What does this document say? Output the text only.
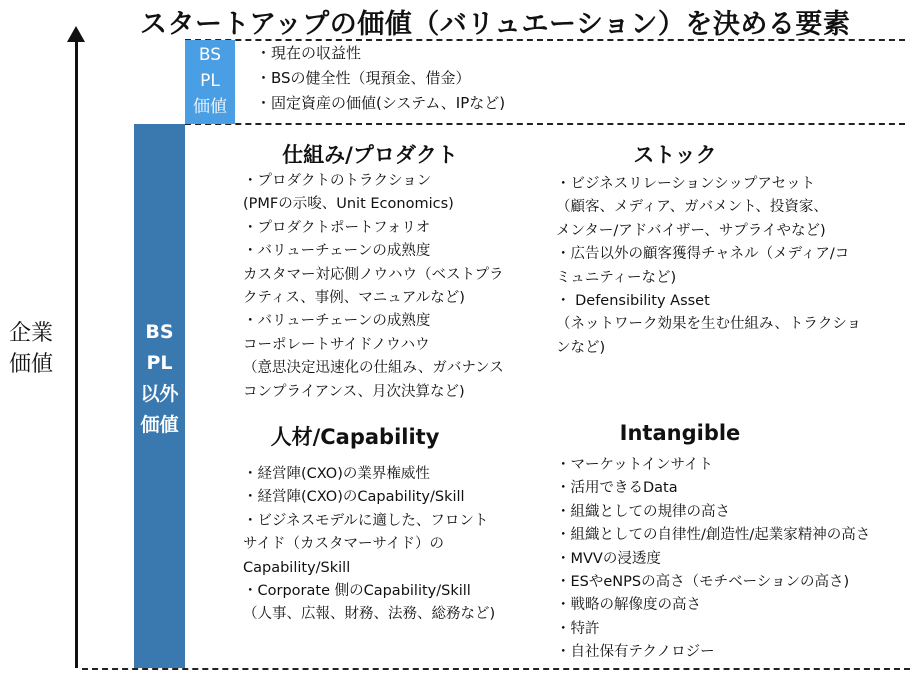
スタートアップの価値（バリュエーション）を決める要素
企業
価値
BS
PL
価値
BS
PL
以外
価値
・現在の収益性
・BSの健全性（現預金、借金）
・固定資産の価値(システム、IPなど)
仕組み/プロダクト
・プロダクトのトラクション
(PMFの示唆、Unit Economics)
・プロダクトポートフォリオ
・バリューチェーンの成熟度
カスタマー対応側ノウハウ（ベストプラ
クティス、事例、マニュアルなど)
・バリューチェーンの成熟度
コーポレートサイドノウハウ
（意思決定迅速化の仕組み、ガバナンス
コンプライアンス、月次決算など)
ストック
・ビジネスリレーションシップアセット
（顧客、メディア、ガバメント、投資家、
メンター/アドバイザー、サプライやなど)
・広告以外の顧客獲得チャネル（メディア/コ
ミュニティーなど)
・ Defensibility Asset
（ネットワーク効果を生む仕組み、トラクショ
ンなど)
人材/Capability
・経営陣(CXO)の業界権威性
・経営陣(CXO)のCapability/Skill
・ビジネスモデルに適した、フロント
サイド（カスタマーサイド）の
Capability/Skill
・Corporate 側のCapability/Skill
（人事、広報、財務、法務、総務など)
Intangible
・マーケットインサイト
・活用できるData
・組織としての規律の高さ
・組織としての自律性/創造性/起業家精神の高さ
・MVVの浸透度
・ESやeNPSの高さ（モチベーションの高さ)
・戦略の解像度の高さ
・特許
・自社保有テクノロジー
